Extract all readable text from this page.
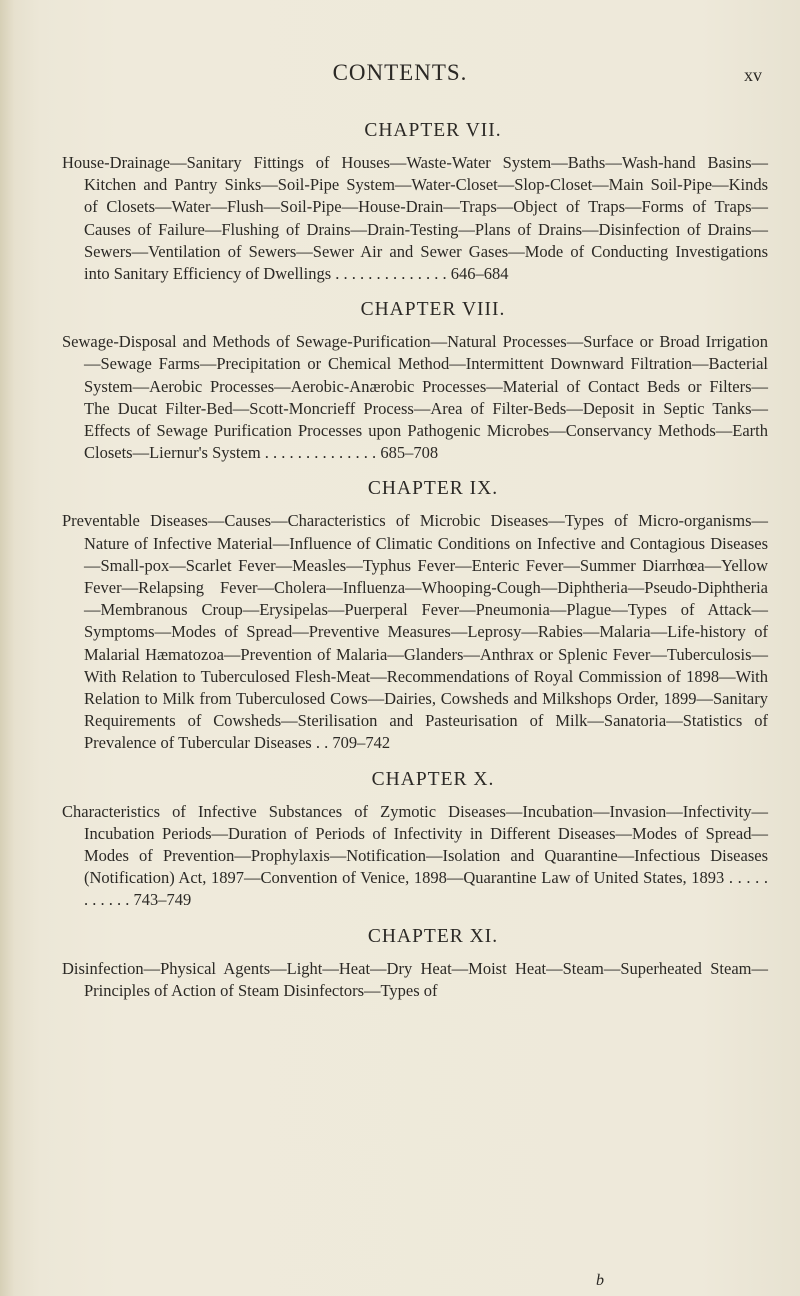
CONTENTS.	xv
CHAPTER VII.

House-Drainage—Sanitary Fittings of Houses—Waste-Water System—Baths—Wash-hand Basins—Kitchen and Pantry Sinks—Soil-Pipe System—Water-Closet—Slop-Closet—Main Soil-Pipe—Kinds of Closets—Water—Flush—Soil-Pipe—House-Drain—Traps—Object of Traps—Forms of Traps—Causes of Failure—Flushing of Drains—Drain-Testing—Plans of Drains—Disinfection of Drains—Sewers—Ventilation of Sewers—Sewer Air and Sewer Gases—Mode of Conducting Investigations into Sanitary Efficiency of Dwellings . . . . . . . . . . . . . . 646–684

CHAPTER VIII.

Sewage-Disposal and Methods of Sewage-Purification—Natural Processes—Surface or Broad Irrigation—Sewage Farms—Precipitation or Chemical Method—Intermittent Downward Filtration—Bacterial System—Aerobic Processes—Aerobic-Anærobic Processes—Material of Contact Beds or Filters—The Ducat Filter-Bed—Scott-Moncrieff Process—Area of Filter-Beds—Deposit in Septic Tanks—Effects of Sewage Purification Processes upon Pathogenic Microbes—Conservancy Methods—Earth Closets—Liernur's System . . . . . . . . . . . . . . 685–708

CHAPTER IX.

Preventable Diseases—Causes—Characteristics of Microbic Diseases—Types of Micro-organisms—Nature of Infective Material—Influence of Climatic Conditions on Infective and Contagious Diseases—Small-pox—Scarlet Fever—Measles—Typhus Fever—Enteric Fever—Summer Diarrhœa—Yellow Fever—Relapsing Fever—Cholera—Influenza—Whooping-Cough—Diphtheria—Pseudo-Diphtheria—Membranous Croup—Erysipelas—Puerperal Fever—Pneumonia—Plague—Types of Attack—Symptoms—Modes of Spread—Preventive Measures—Leprosy—Rabies—Malaria—Life-history of Malarial Hæmatozoa—Prevention of Malaria—Glanders—Anthrax or Splenic Fever—Tuberculosis—With Relation to Tuberculosed Flesh-Meat—Recommendations of Royal Commission of 1898—With Relation to Milk from Tuberculosed Cows—Dairies, Cowsheds and Milkshops Order, 1899—Sanitary Requirements of Cowsheds—Sterilisation and Pasteurisation of Milk—Sanatoria—Statistics of Prevalence of Tubercular Diseases . . 709–742

CHAPTER X.

Characteristics of Infective Substances of Zymotic Diseases—Incubation—Invasion—Infectivity—Incubation Periods—Duration of Periods of Infectivity in Different Diseases—Modes of Spread—Modes of Prevention—Prophylaxis—Notification—Isolation and Quarantine—Infectious Diseases (Notification) Act, 1897—Convention of Venice, 1898—Quarantine Law of United States, 1893 . . . . . . . . . . . 743–749

CHAPTER XI.

Disinfection—Physical Agents—Light—Heat—Dry Heat—Moist Heat—Steam—Superheated Steam—Principles of Action of Steam Disinfectors—Types of

b
